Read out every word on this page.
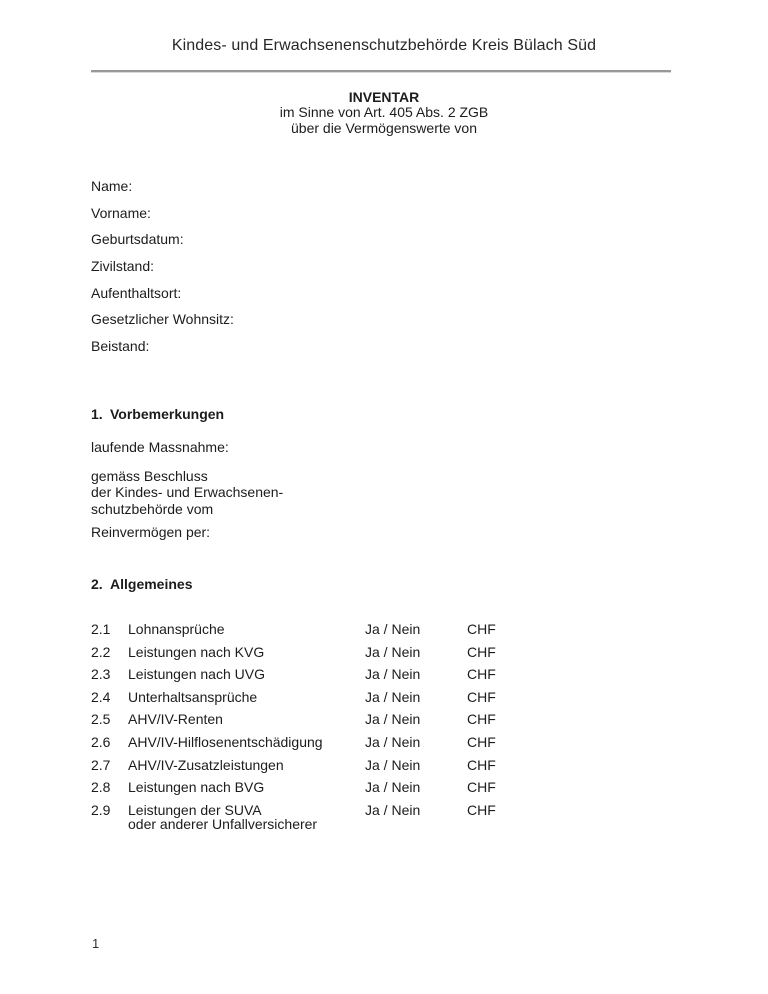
Kindes- und Erwachsenenschutzbehörde Kreis Bülach Süd
INVENTAR
im Sinne von Art. 405 Abs. 2 ZGB
über die Vermögenswerte von
Name:
Vorname:
Geburtsdatum:
Zivilstand:
Aufenthaltsort:
Gesetzlicher Wohnsitz:
Beistand:
1. Vorbemerkungen
laufende Massnahme:
gemäss Beschluss
der Kindes- und Erwachsenen-
schutzbehörde vom
Reinvermögen per:
2. Allgemeines
2.1 Lohnansprüche	Ja / Nein	CHF
2.2 Leistungen nach KVG	Ja / Nein	CHF
2.3 Leistungen nach UVG	Ja / Nein	CHF
2.4 Unterhaltsansprüche	Ja / Nein	CHF
2.5 AHV/IV-Renten	Ja / Nein	CHF
2.6 AHV/IV-Hilflosenentschädigung	Ja / Nein	CHF
2.7 AHV/IV-Zusatzleistungen	Ja / Nein	CHF
2.8 Leistungen nach BVG	Ja / Nein	CHF
2.9 Leistungen der SUVA
oder anderer Unfallversicherer
Ja / Nein	CHF
1
